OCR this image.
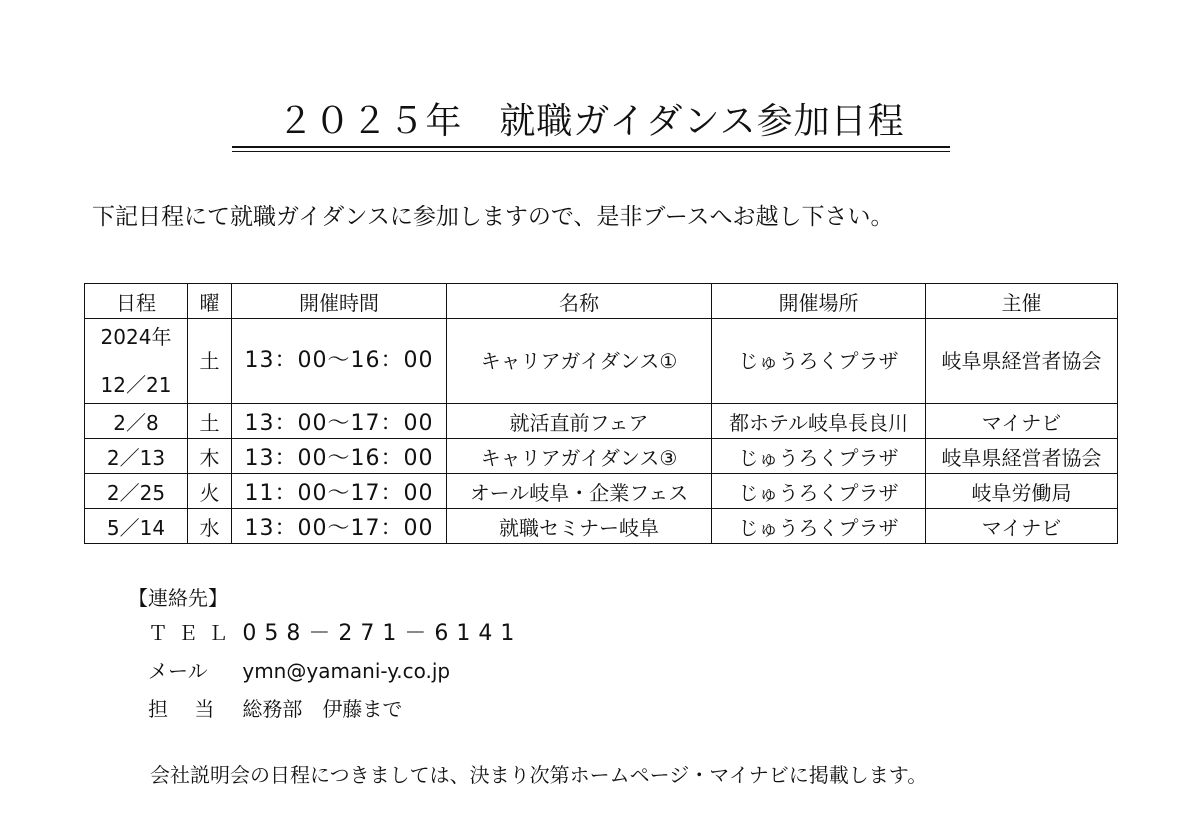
２０２５年　就職ガイダンス参加日程
下記日程にて就職ガイダンスに参加しますので、是非ブースへお越し下さい。
日程	曜	開催時間	名称	開催場所	主催

2024年
12／21	土	13：00～16：00	キャリアガイダンス①	じゅうろくプラザ	岐阜県経営者協会
2／8	土	13：00～17：00	就活直前フェア	都ホテル岐阜長良川	マイナビ
2／13	木	13：00～16：00	キャリアガイダンス③	じゅうろくプラザ	岐阜県経営者協会
2／25	火	11：00～17：00	オール岐阜・企業フェス	じゅうろくプラザ	岐阜労働局
5／14	水	13：00～17：00	就職セミナー岐阜	じゅうろくプラザ	マイナビ
【連絡先】
ＴＥＬ 058－271－6141
メール ymn@yamani-y.co.jp
担 当 総務部　伊藤まで
会社説明会の日程につきましては、決まり次第ホームページ・マイナビに掲載します。
